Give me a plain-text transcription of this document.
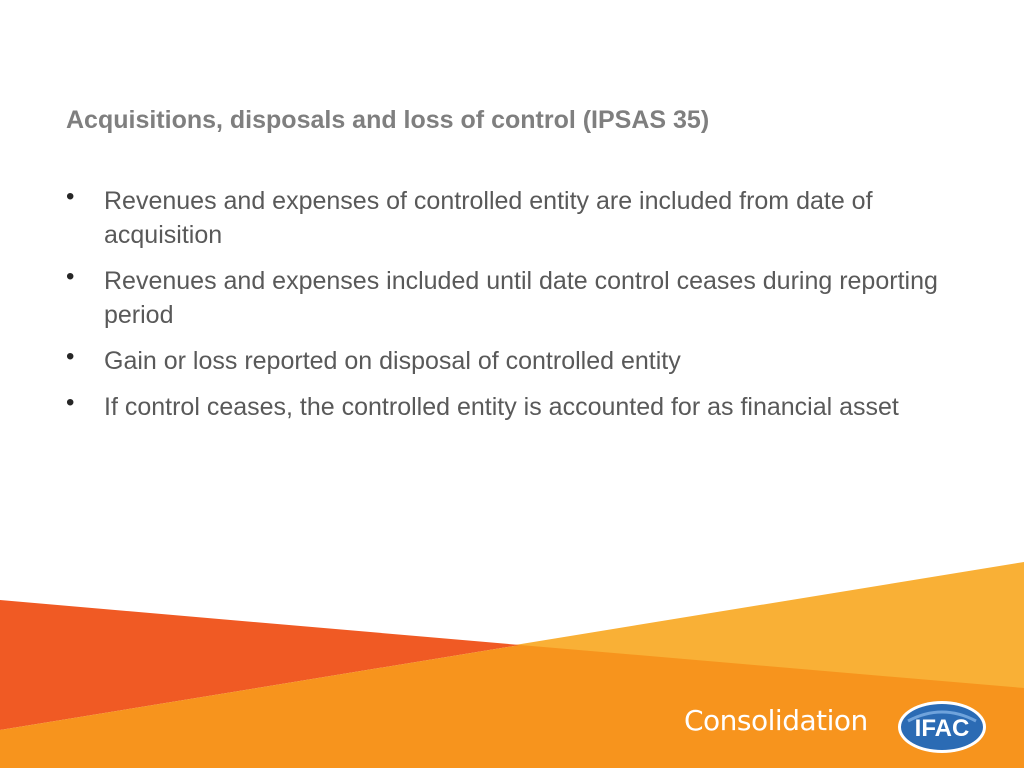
Acquisitions, disposals and loss of control (IPSAS 35)
• Revenues and expenses of controlled entity are included from date of acquisition
• Revenues and expenses included until date control ceases during reporting period
• Gain or loss reported on disposal of controlled entity
• If control ceases, the controlled entity is accounted for as financial asset
Consolidation IFAC
